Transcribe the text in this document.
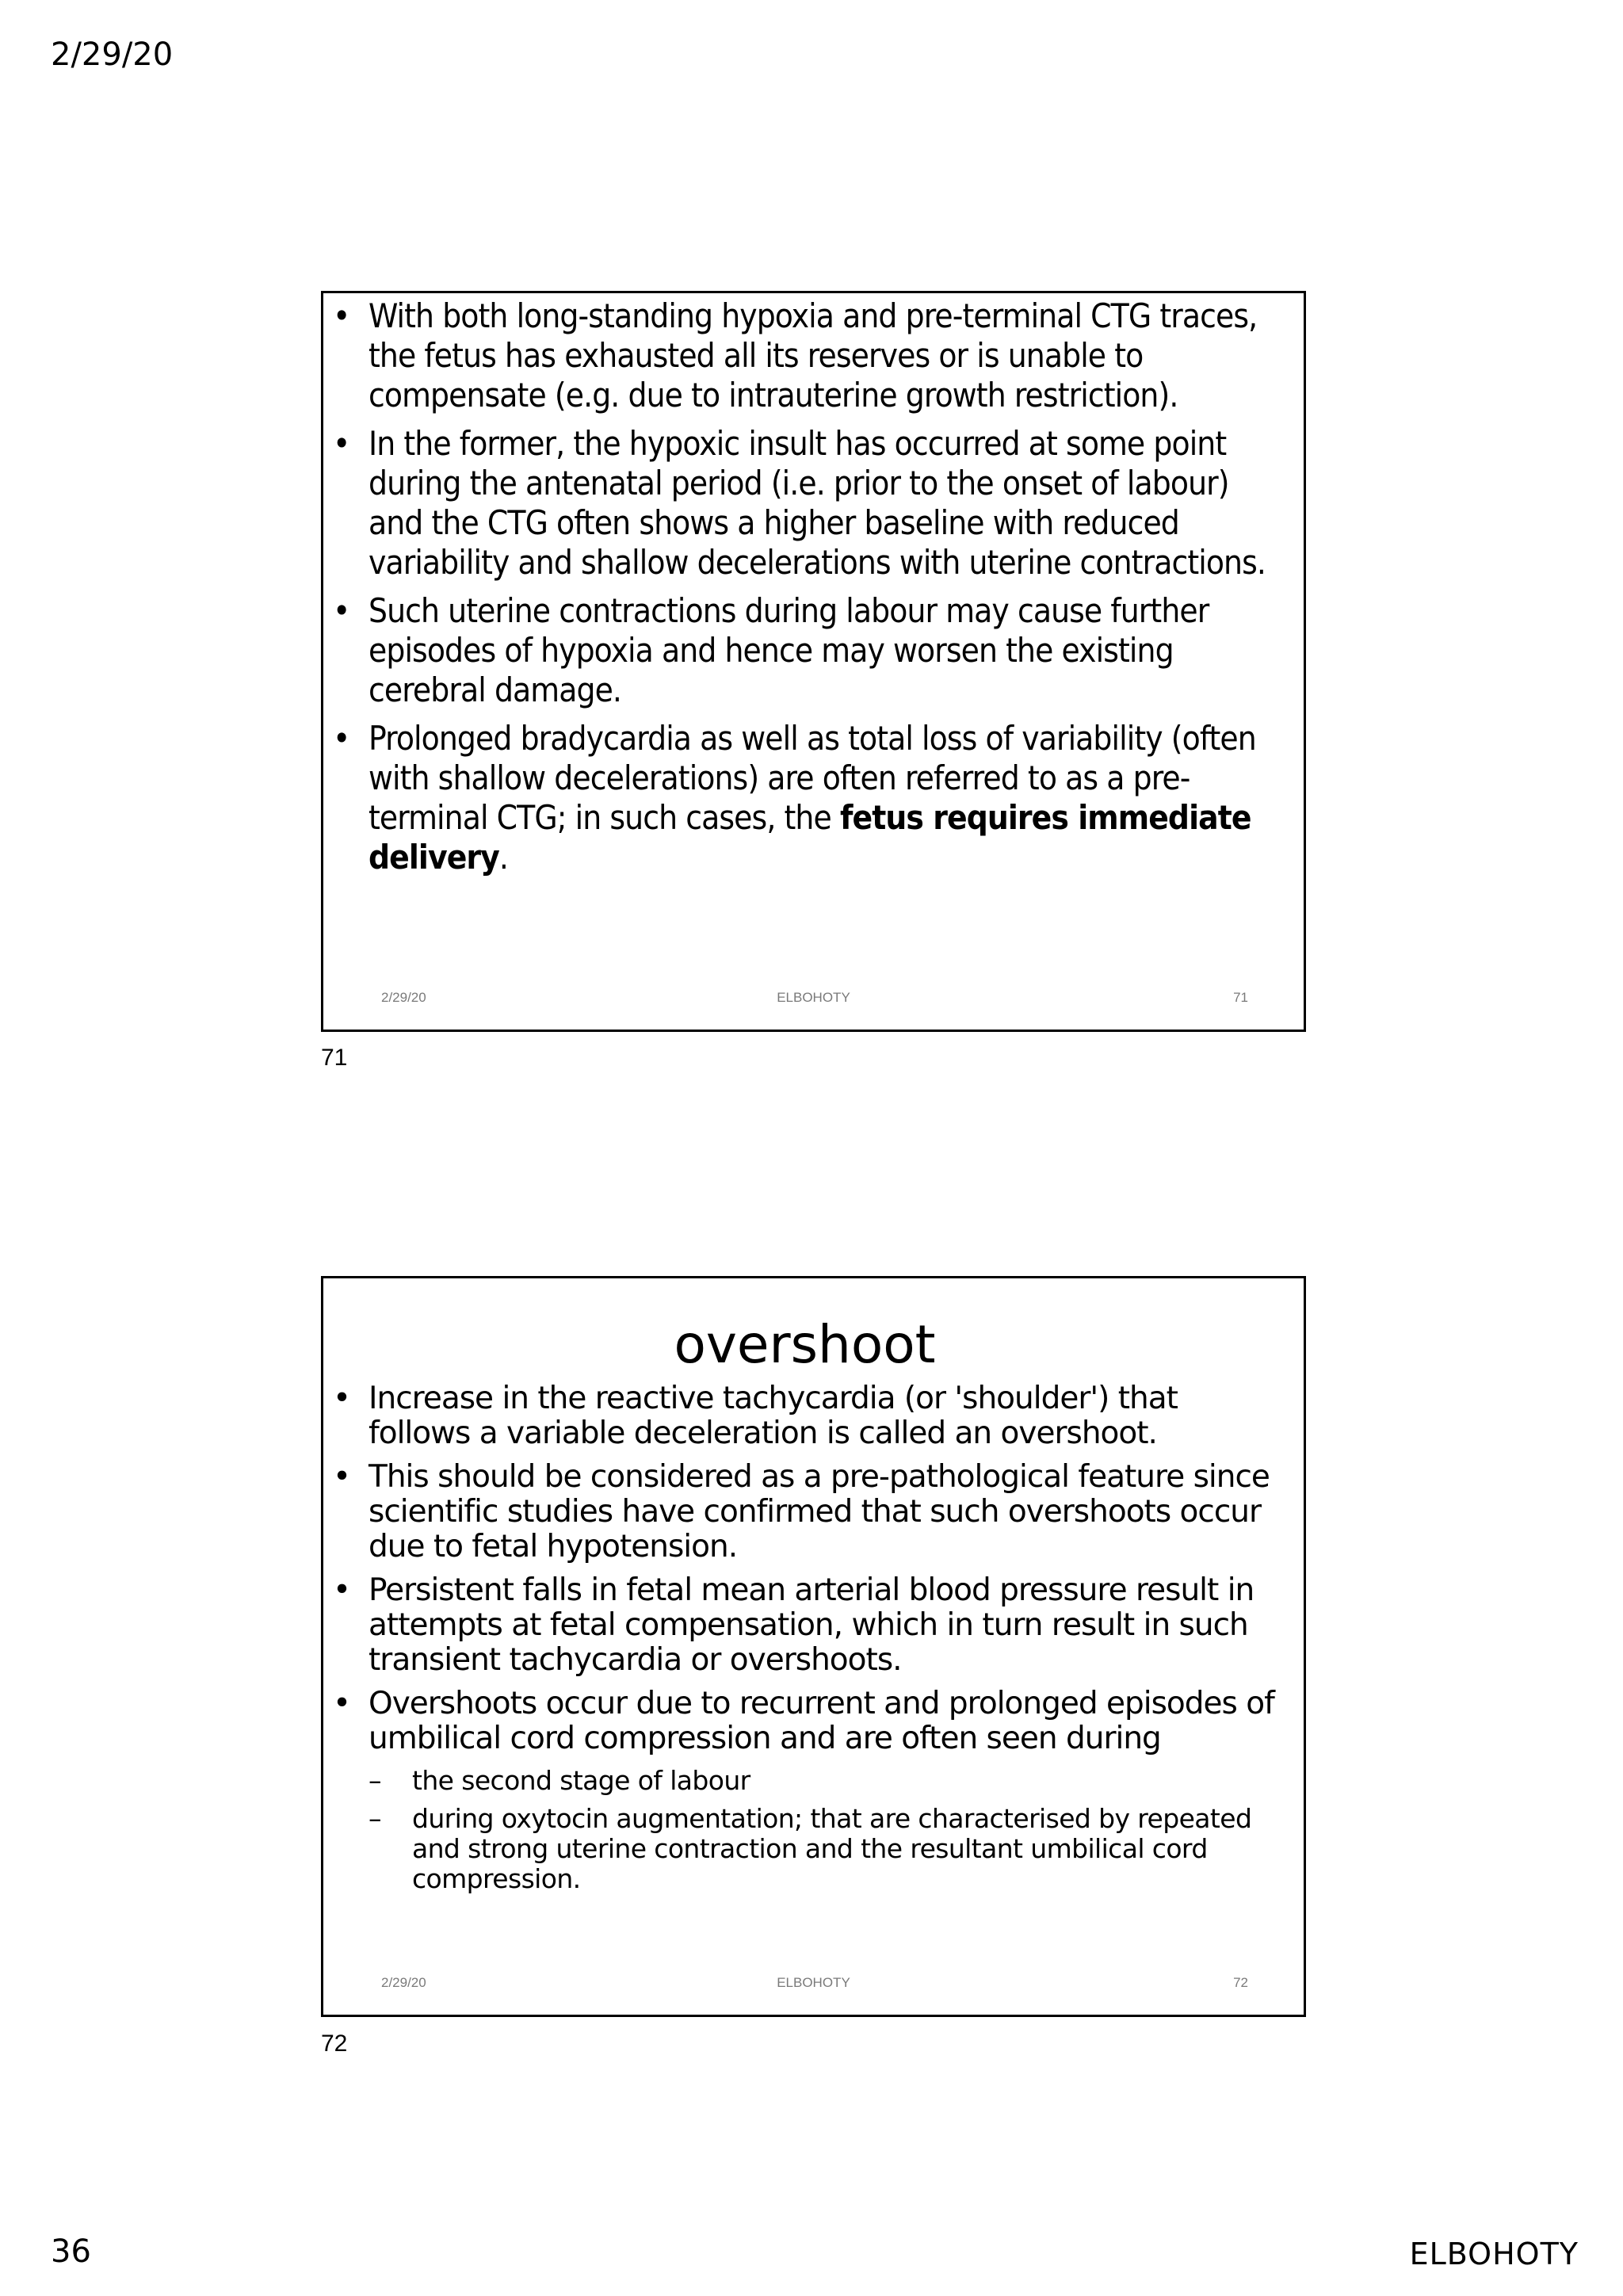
2/29/20
• With both long-standing hypoxia and pre-terminal CTG traces, the fetus has exhausted all its reserves or is unable to compensate (e.g. due to intrauterine growth restriction).
• In the former, the hypoxic insult has occurred at some point during the antenatal period (i.e. prior to the onset of labour) and the CTG often shows a higher baseline with reduced variability and shallow decelerations with uterine contractions.
• Such uterine contractions during labour may cause further episodes of hypoxia and hence may worsen the existing cerebral damage.
• Prolonged bradycardia as well as total loss of variability (often with shallow decelerations) are often referred to as a pre-terminal CTG; in such cases, the fetus requires immediate delivery.
2/29/20	ELBOHOTY	71
71
overshoot
• Increase in the reactive tachycardia (or 'shoulder') that follows a variable deceleration is called an overshoot.
• This should be considered as a pre-pathological feature since scientific studies have confirmed that such overshoots occur due to fetal hypotension.
• Persistent falls in fetal mean arterial blood pressure result in attempts at fetal compensation, which in turn result in such transient tachycardia or overshoots.
• Overshoots occur due to recurrent and prolonged episodes of umbilical cord compression and are often seen during
– the second stage of labour
– during oxytocin augmentation; that are characterised by repeated and strong uterine contraction and the resultant umbilical cord compression.
2/29/20	ELBOHOTY	72
72
36	ELBOHOTY
